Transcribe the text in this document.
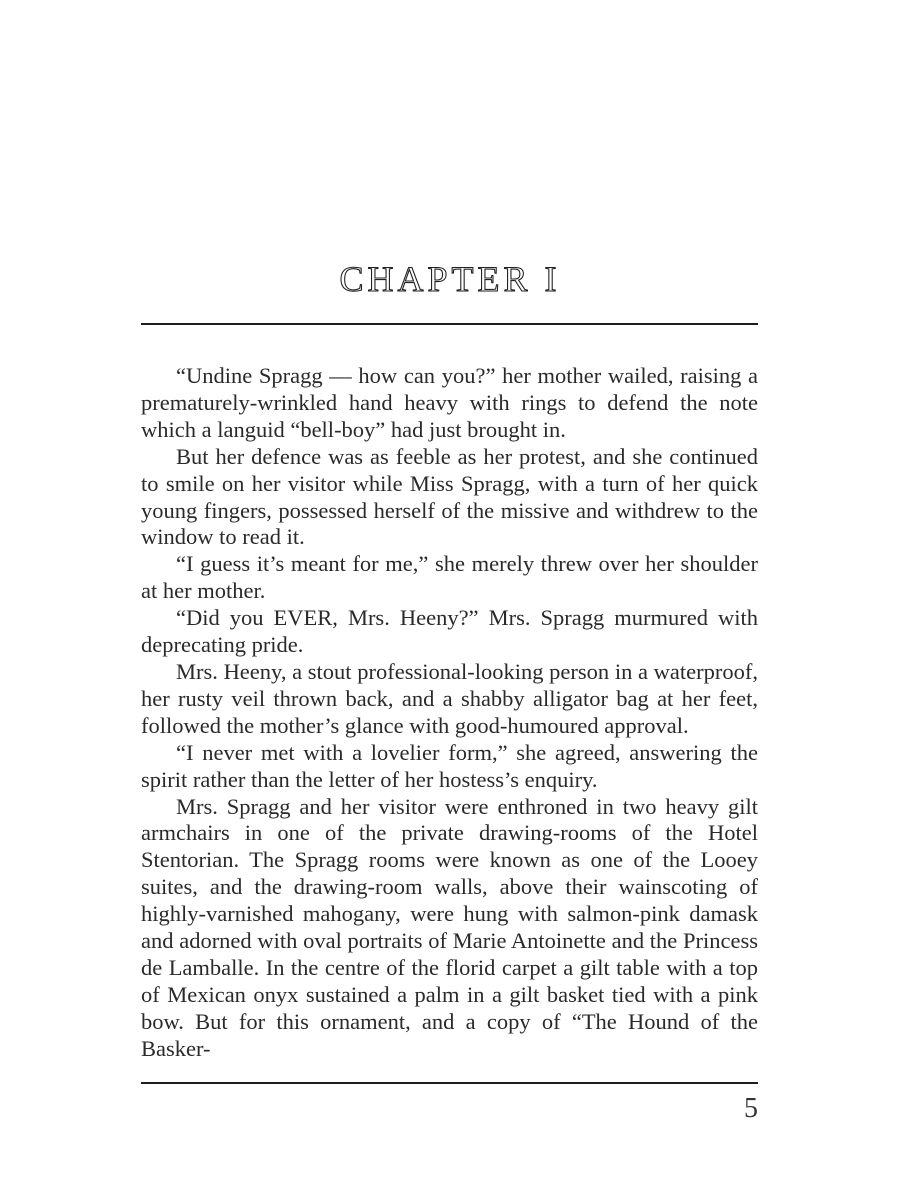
CHAPTER I

“Undine Spragg — how can you?” her mother wailed, raising a prematurely-wrinkled hand heavy with rings to defend the note which a languid “bell-boy” had just brought in.

But her defence was as feeble as her protest, and she continued to smile on her visitor while Miss Spragg, with a turn of her quick young fingers, possessed herself of the missive and withdrew to the window to read it.

“I guess it’s meant for me,” she merely threw over her shoulder at her mother.

“Did you EVER, Mrs. Heeny?” Mrs. Spragg murmured with deprecating pride.

Mrs. Heeny, a stout professional-looking person in a waterproof, her rusty veil thrown back, and a shabby alligator bag at her feet, followed the mother’s glance with good-humoured approval.

“I never met with a lovelier form,” she agreed, answering the spirit rather than the letter of her hostess’s enquiry.

Mrs. Spragg and her visitor were enthroned in two heavy gilt armchairs in one of the private drawing-rooms of the Hotel Stentorian. The Spragg rooms were known as one of the Looey suites, and the drawing-room walls, above their wainscoting of highly-varnished mahogany, were hung with salmon-pink damask and adorned with oval portraits of Marie Antoinette and the Princess de Lamballe. In the centre of the florid carpet a gilt table with a top of Mexican onyx sustained a palm in a gilt basket tied with a pink bow. But for this ornament, and a copy of “The Hound of the Basker-

5
